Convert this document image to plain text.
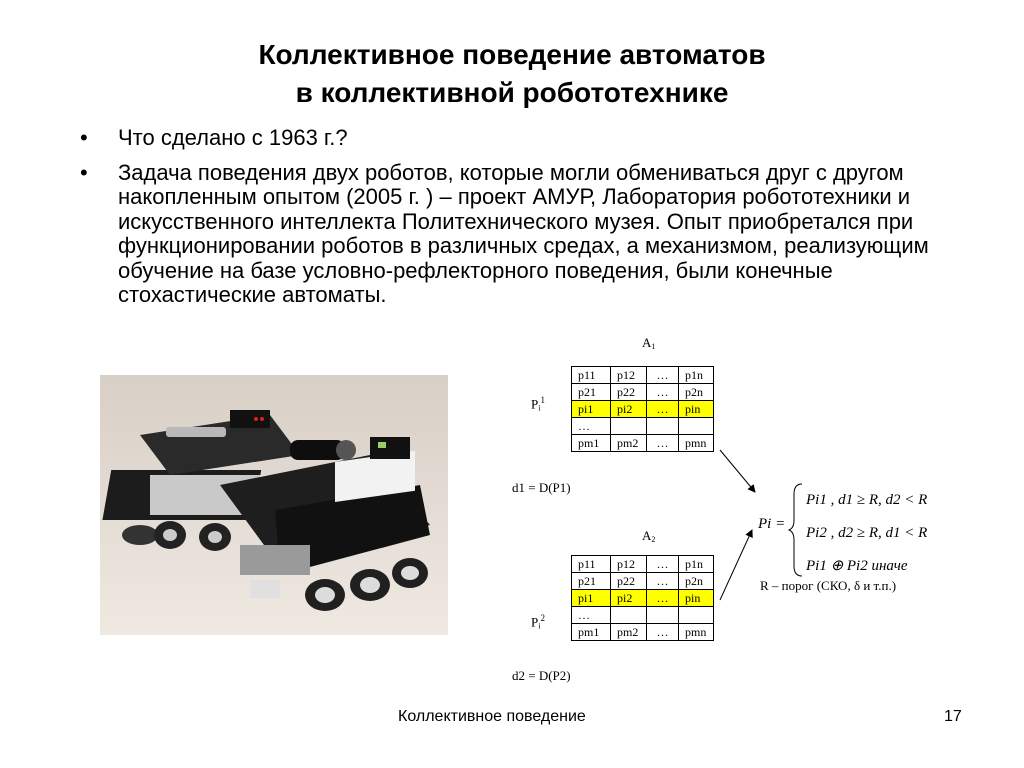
Коллективное поведение автоматов
в коллективной робототехнике
• Что сделано с 1963 г.?
• Задача поведения двух роботов, которые могли обмениваться друг с другом накопленным опытом (2005 г. ) – проект АМУР, Лаборатория робототехники и искусственного интеллекта Политехнического музея. Опыт приобретался при функционировании роботов в различных средах, а механизмом, реализующим обучение на базе условно-рефлекторного поведения, были конечные стохастические автоматы.
$A_1$
$P_i^1$
p11	p12	…	p1n
p21	p22	…	p2n
pi1	pi2	…	pin
…			
pm1	pm2	…	pmn
d1 = D(P1)
$A_2$
$P_i^2$
p11	p12	…	p1n
p21	p22	…	p2n
pi1	pi2	…	pin
…			
pm1	pm2	…	pmn
d2 = D(P2)
Pi =
Pi1 , d1 ≥ R, d2 < R
Pi2 , d2 ≥ R, d1 < R
Pi1 ⊕ Pi2 иначе
R – порог (СКО, δ и т.п.)
Коллективное поведение	17
